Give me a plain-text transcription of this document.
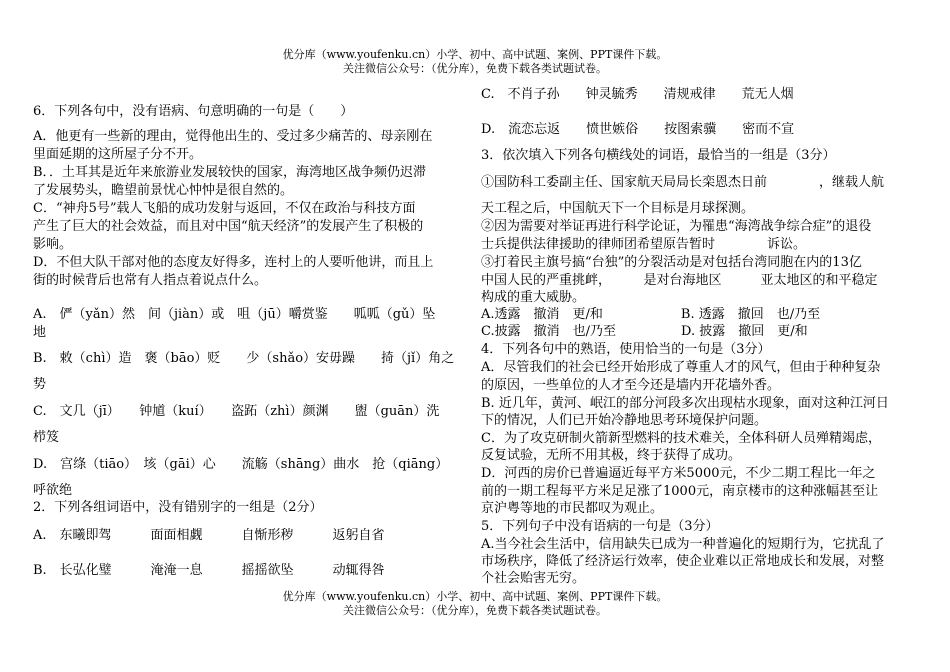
优分库（www.youfenku.cn）小学、初中、高中试题、案例、PPT课件下载。
关注微信公众号：（优分库），免费下载各类试题试卷。
6．下列各句中，没有语病、句意明确的一句是（　　）
A．他更有一些新的理由，觉得他出生的、受过多少痛苦的、母亲刚在
里面延期的这所屋子分不开。
B．．土耳其是近年来旅游业发展较快的国家，海湾地区战争频仍迟滞
了发展势头，瞻望前景忧心忡忡是很自然的。
C．“神舟5号”载人飞船的成功发射与返回，不仅在政治与科技方面
产生了巨大的社会效益，而且对中国“航天经济”的发展产生了积极的
影响。
D．不但大队干部对他的态度友好得多，连村上的人要听他讲，而且上
街的时候背后也常有人指点着说点什么。
A.　俨（yǎn）然　间（jiàn）或　咀（jū）嚼赏鉴　　呱呱（gǔ）坠
地
B.　敕（chì）造　褒（bāo）贬　　少（shǎo）安毋躁　　掎（jǐ）角之
势
C.　文几（jī）　　钟馗（kuí）　　盗跖（zhì）颜渊　　盥（guān）洗
栉笈
D.　宫绦（tiāo）　垓（gāi）心　　流觞（shāng）曲水　抢（qiāng）
呼欲绝
2．下列各组词语中，没有错别字的一组是（2分）
A.　东曦即驾　　　面面相觑　　　自惭形秽　　　返躬自省
B.　长弘化璧　　　淹淹一息　　　摇摇欲坠　　　动辄得咎
C.　不肖子孙　　钟灵毓秀　　清规戒律　　荒无人烟
D.　流恋忘返　　愤世嫉俗　　按图索骥　　密而不宣
3．依次填入下列各句横线处的词语，最恰当的一组是（3分）
①国防科工委副主任、国家航天局局长栾恩杰日前　　　　，继载人航
天工程之后，中国航天下一个目标是月球探测。
②因为需要对举证再进行科学论证，为罹患“海湾战争综合症”的退役
士兵提供法律援助的律师团希望原告暂时　　　　诉讼。
③打着民主旗号搞“台独”的分裂活动是对包括台湾同胞在内的13亿
中国人民的严重挑衅，　　　是对台海地区　　　亚太地区的和平稳定
构成的重大威胁。
A.透露　撤消　更/和　　　　　　B. 透露　撤回　也/乃至
C.披露　撤消　也/乃至　　　　　D. 披露　撤回　更/和
4．下列各句中的熟语，使用恰当的一句是（3分）
A．尽管我们的社会已经开始形成了尊重人才的风气，但由于种种复杂
的原因，一些单位的人才至今还是墙内开花墙外香。
B. 近几年，黄河、岷江的部分河段多次出现枯水现象，面对这种江河日
下的情况，人们已开始冷静地思考环境保护问题。
C．为了攻克研制火箭新型燃料的技术难关，全体科研人员殚精竭虑，
反复试验，无所不用其极，终于获得了成功。
D．河西的房价已普遍逼近每平方米5000元，不少二期工程比一年之
前的一期工程每平方米足足涨了1000元，南京楼市的这种涨幅甚至让
京沪粤等地的市民都叹为观止。
5．下列句子中没有语病的一句是（3分）
A.当今社会生活中，信用缺失已成为一种普遍化的短期行为，它扰乱了
市场秩序，降低了经济运行效率，使企业难以正常地成长和发展，对整
个社会贻害无穷。
优分库（www.youfenku.cn）小学、初中、高中试题、案例、PPT课件下载。
关注微信公众号：（优分库），免费下载各类试题试卷。
